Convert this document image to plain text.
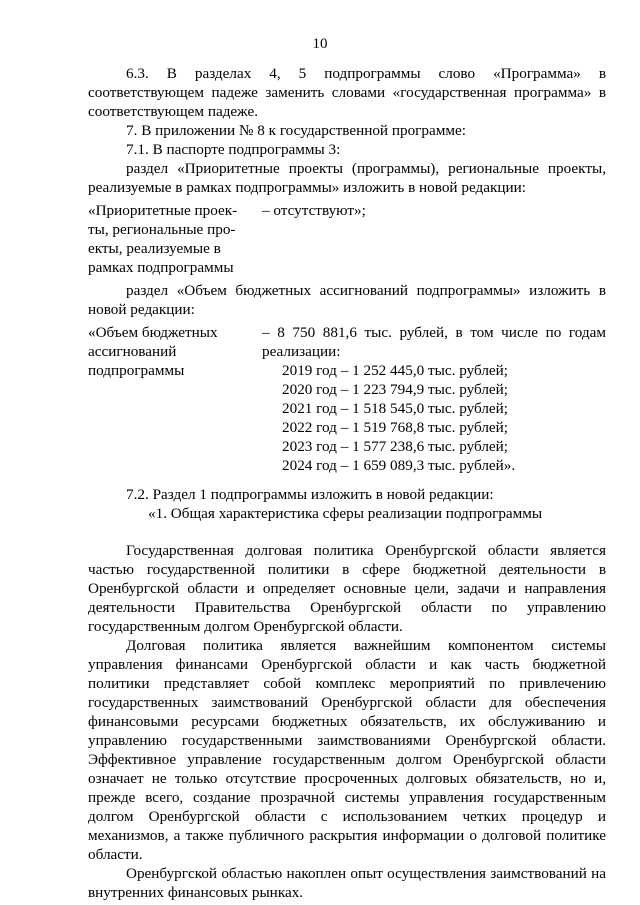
10

6.3. В разделах 4, 5 подпрограммы слово «Программа» в соответствующем падеже заменить словами «государственная программа» в соответствующем падеже.

7. В приложении № 8 к государственной программе:

7.1. В паспорте подпрограммы 3:

раздел «Приоритетные проекты (программы), региональные проекты, реализуемые в рамках подпрограммы» изложить в новой редакции:

«Приоритетные проек-
ты, региональные про-
екты, реализуемые в
рамках подпрограммы
– отсутствуют»;

раздел «Объем бюджетных ассигнований подпрограммы» изложить в новой редакции:

«Объем бюджетных
ассигнований
подпрограммы
– 8 750 881,6 тыс. рублей, в том числе по годам реализации:
2019 год – 1 252 445,0 тыс. рублей;
2020 год – 1 223 794,9 тыс. рублей;
2021 год – 1 518 545,0 тыс. рублей;
2022 год – 1 519 768,8 тыс. рублей;
2023 год – 1 577 238,6 тыс. рублей;
2024 год – 1 659 089,3 тыс. рублей».

7.2. Раздел 1 подпрограммы изложить в новой редакции:

«1. Общая характеристика сферы реализации подпрограммы

Государственная долговая политика Оренбургской области является частью государственной политики в сфере бюджетной деятельности в Оренбургской области и определяет основные цели, задачи и направления деятельности Правительства Оренбургской области по управлению государственным долгом Оренбургской области.

Долговая политика является важнейшим компонентом системы управления финансами Оренбургской области и как часть бюджетной политики представляет собой комплекс мероприятий по привлечению государственных заимствований Оренбургской области для обеспечения финансовыми ресурсами бюджетных обязательств, их обслуживанию и управлению государственными заимствованиями Оренбургской области. Эффективное управление государственным долгом Оренбургской области означает не только отсутствие просроченных долговых обязательств, но и, прежде всего, создание прозрачной системы управления государственным долгом Оренбургской области с использованием четких процедур и механизмов, а также публичного раскрытия информации о долговой политике области.

Оренбургской областью накоплен опыт осуществления заимствований на внутренних финансовых рынках.
